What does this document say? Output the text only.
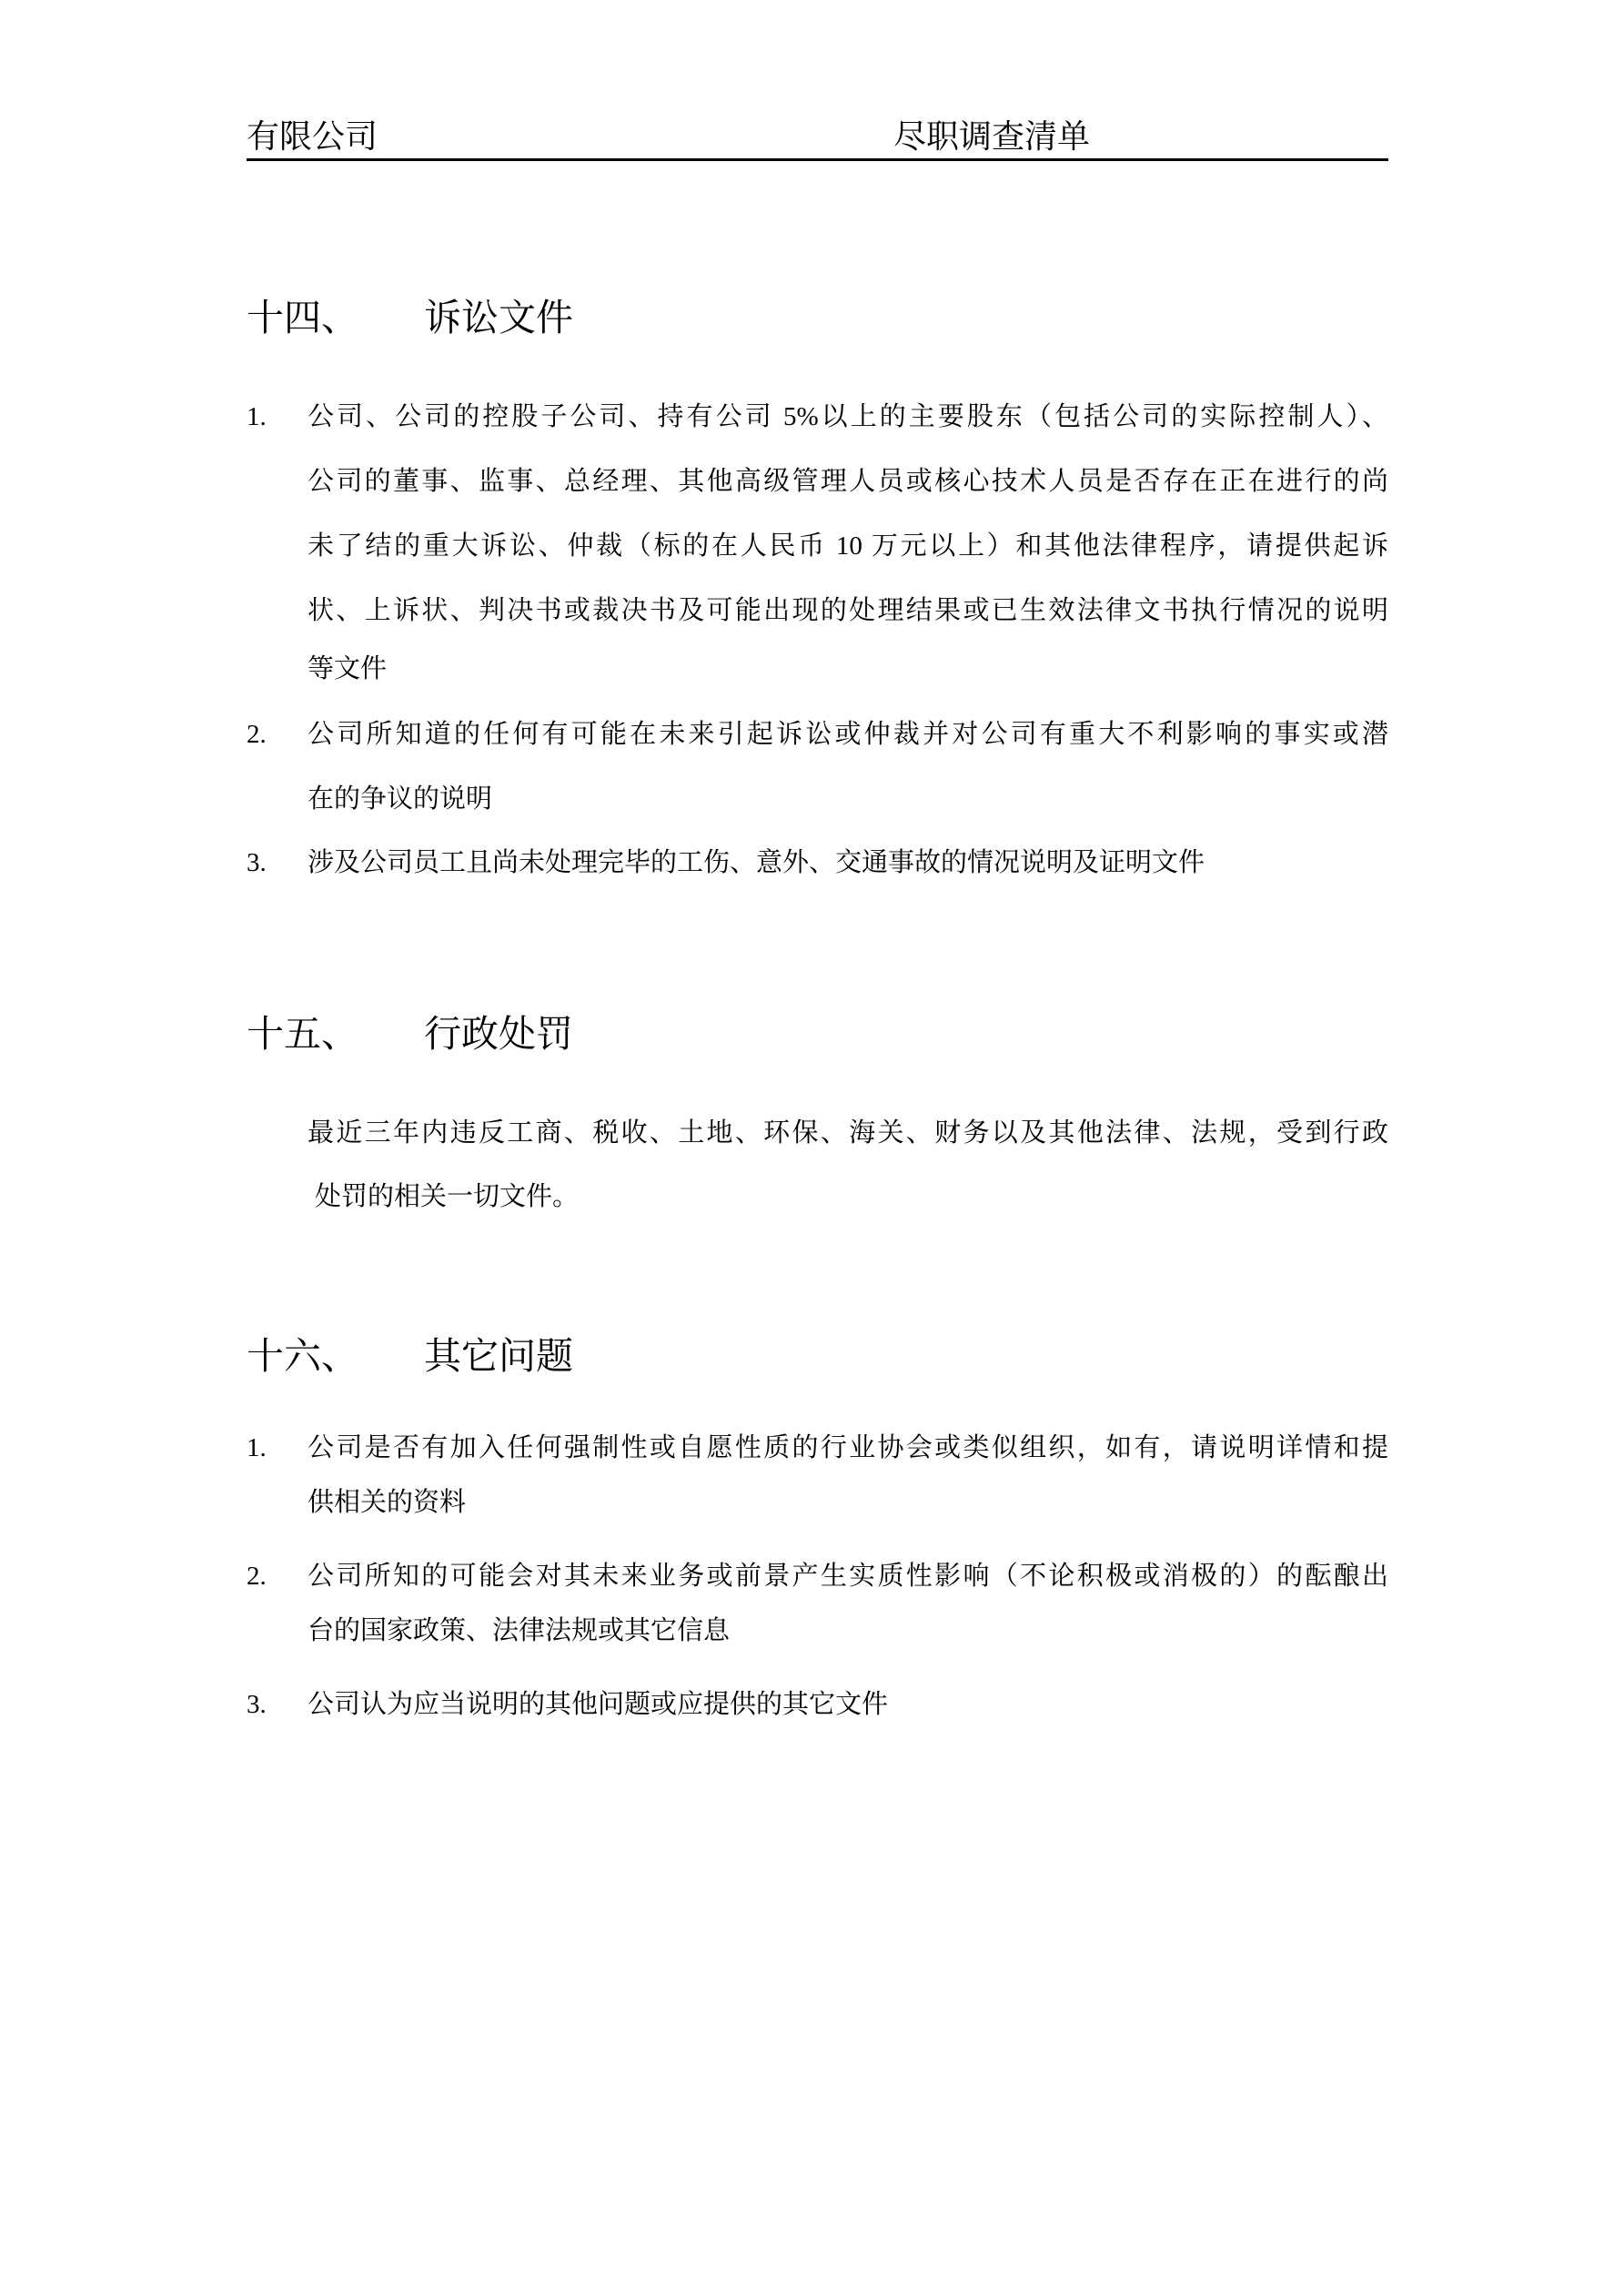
有限公司	尽职调查清单
十四、 诉讼文件
1. 公司、公司的控股子公司、持有公司 5%以上的主要股东（包括公司的实际控制人）、
公司的董事、监事、总经理、其他高级管理人员或核心技术人员是否存在正在进行的尚
未了结的重大诉讼、仲裁（标的在人民币 10 万元以上）和其他法律程序，请提供起诉
状、上诉状、判决书或裁决书及可能出现的处理结果或已生效法律文书执行情况的说明
等文件
2. 公司所知道的任何有可能在未来引起诉讼或仲裁并对公司有重大不利影响的事实或潜
在的争议的说明
3. 涉及公司员工且尚未处理完毕的工伤、意外、交通事故的情况说明及证明文件
十五、 行政处罚
最近三年内违反工商、税收、土地、环保、海关、财务以及其他法律、法规，受到行政
处罚的相关一切文件。
十六、 其它问题
1. 公司是否有加入任何强制性或自愿性质的行业协会或类似组织，如有，请说明详情和提
供相关的资料
2. 公司所知的可能会对其未来业务或前景产生实质性影响（不论积极或消极的）的酝酿出
台的国家政策、法律法规或其它信息
3. 公司认为应当说明的其他问题或应提供的其它文件
